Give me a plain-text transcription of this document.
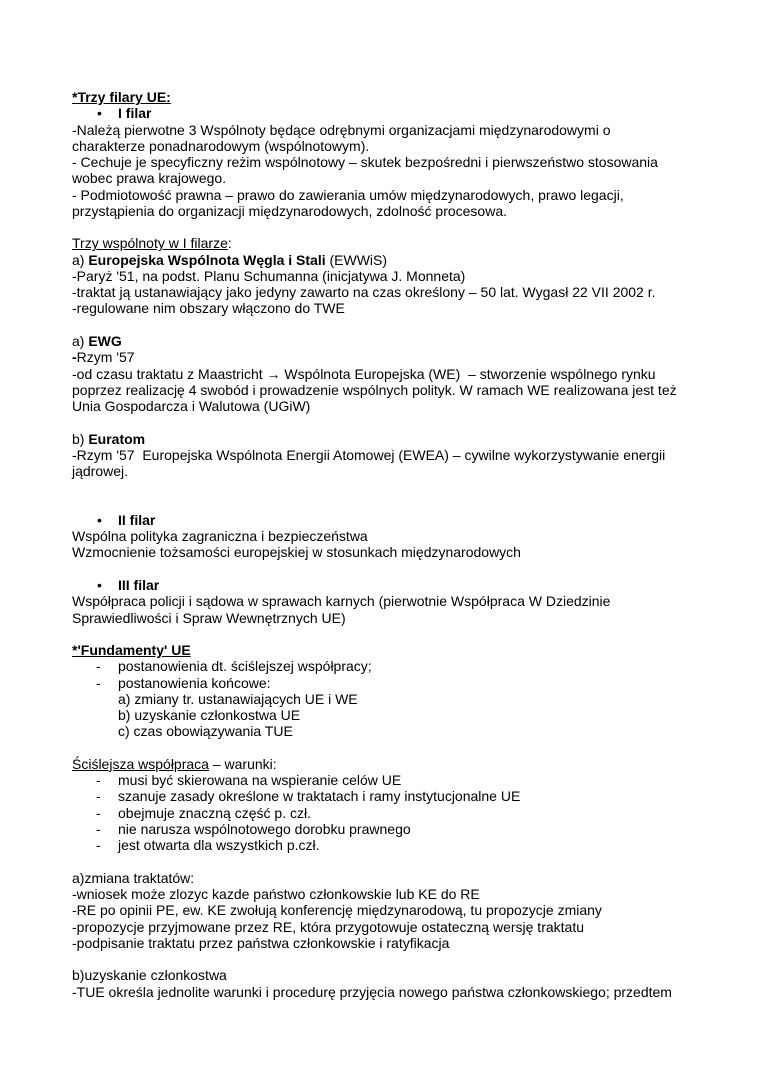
*Trzy filary UE:
• I filar
-Należą pierwotne 3 Wspólnoty będące odrębnymi organizacjami międzynarodowymi o
charakterze ponadnarodowym (wspólnotowym).
- Cechuje je specyficzny reżim wspólnotowy – skutek bezpośredni i pierwszeństwo stosowania
wobec prawa krajowego.
- Podmiotowość prawna – prawo do zawierania umów międzynarodowych, prawo legacji,
przystąpienia do organizacji międzynarodowych, zdolność procesowa.
Trzy wspólnoty w I filarze:
a) Europejska Wspólnota Węgla i Stali (EWWiS)
-Paryż '51, na podst. Planu Schumanna (inicjatywa J. Monneta)
-traktat ją ustanawiający jako jedyny zawarto na czas określony – 50 lat. Wygasł 22 VII 2002 r.
-regulowane nim obszary włączono do TWE
a) EWG
-Rzym '57
-od czasu traktatu z Maastricht → Wspólnota Europejska (WE)  – stworzenie wspólnego rynku
poprzez realizację 4 swobód i prowadzenie wspólnych polityk. W ramach WE realizowana jest też
Unia Gospodarcza i Walutowa (UGiW)
b) Euratom
-Rzym '57  Europejska Wspólnota Energii Atomowej (EWEA) – cywilne wykorzystywanie energii
jądrowej.
• II filar
Wspólna polityka zagraniczna i bezpieczeństwa
Wzmocnienie tożsamości europejskiej w stosunkach międzynarodowych
• III filar
Współpraca policji i sądowa w sprawach karnych (pierwotnie Współpraca W Dziedzinie
Sprawiedliwości i Spraw Wewnętrznych UE)
*'Fundamenty' UE
- postanowienia dt. ściślejszej współpracy;
- postanowienia końcowe:
a) zmiany tr. ustanawiających UE i WE
b) uzyskanie członkostwa UE
c) czas obowiązywania TUE
Ściślejsza współpraca – warunki:
- musi być skierowana na wspieranie celów UE
- szanuje zasady określone w traktatach i ramy instytucjonalne UE
- obejmuje znaczną część p. czł.
- nie narusza wspólnotowego dorobku prawnego
- jest otwarta dla wszystkich p.czł.
a)zmiana traktatów:
-wniosek może zlozyc kazde państwo członkowskie lub KE do RE
-RE po opinii PE, ew. KE zwołują konferencję międzynarodową, tu propozycje zmiany
-propozycje przyjmowane przez RE, która przygotowuje ostateczną wersję traktatu
-podpisanie traktatu przez państwa członkowskie i ratyfikacja
b)uzyskanie członkostwa
-TUE określa jednolite warunki i procedurę przyjęcia nowego państwa członkowskiego; przedtem
